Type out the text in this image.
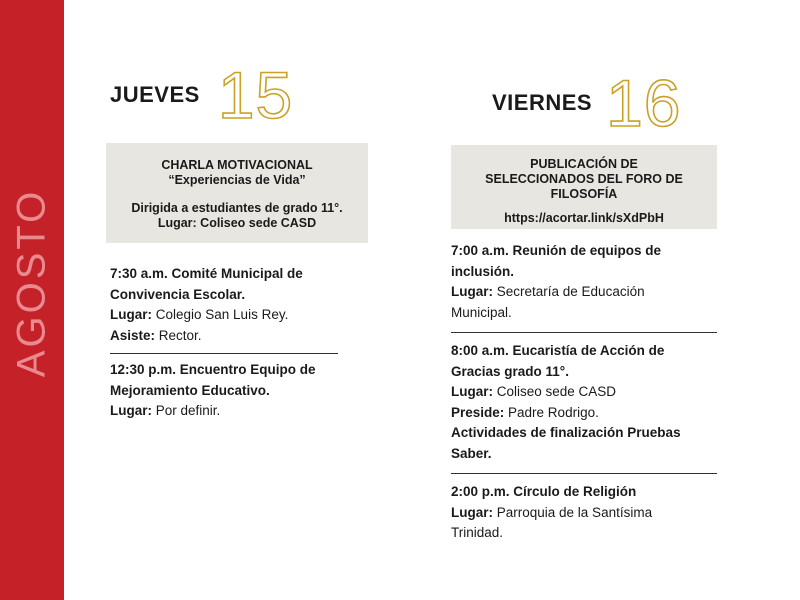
AGOSTO
JUEVES 15	VIERNES 16
CHARLA MOTIVACIONAL
“Experiencias de Vida”
Dirigida a estudiantes de grado 11°.
Lugar: Coliseo sede CASD
PUBLICACIÓN DE
SELECCIONADOS DEL FORO DE
FILOSOFÍA
https://acortar.link/sXdPbH
7:30 a.m. Comité Municipal de
Convivencia Escolar.
Lugar: Colegio San Luis Rey.
Asiste: Rector.
12:30 p.m. Encuentro Equipo de
Mejoramiento Educativo.
Lugar: Por definir.
7:00 a.m. Reunión de equipos de
inclusión.
Lugar: Secretaría de Educación
Municipal.
8:00 a.m. Eucaristía de Acción de
Gracias grado 11°.
Lugar: Coliseo sede CASD
Preside: Padre Rodrigo.
Actividades de finalización Pruebas
Saber.
2:00 p.m. Círculo de Religión
Lugar: Parroquia de la Santísima
Trinidad.
